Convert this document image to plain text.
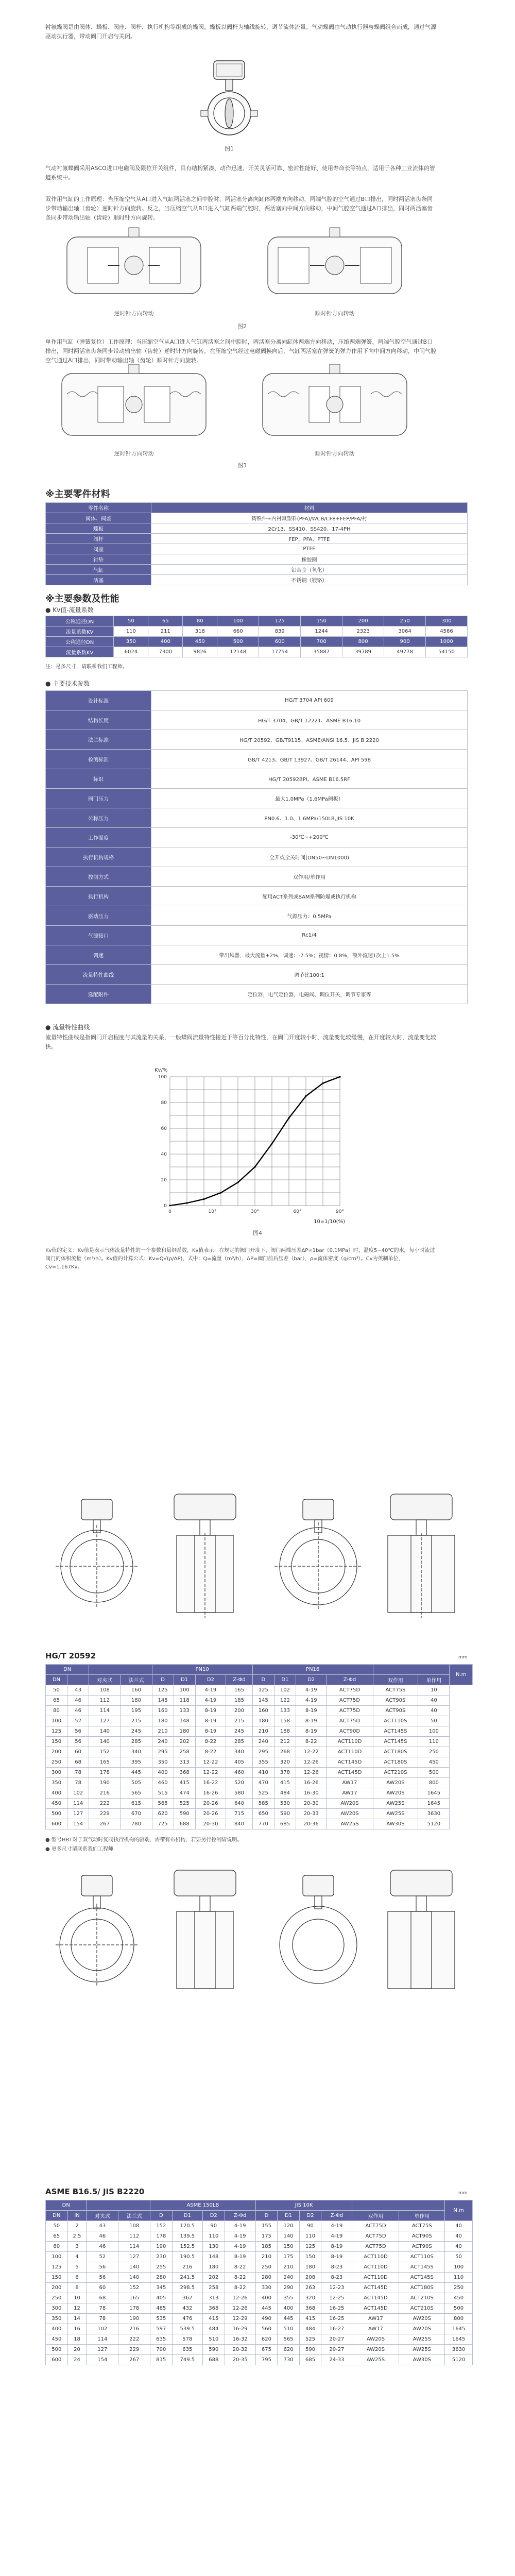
衬氟蝶阀是由阀体、蝶板、阀座、阀杆、执行机构等组成的蝶阀。蝶板以阀杆为轴线旋转，调节流体流量。气动蝶阀由气动执行器与蝶阀组合而成，通过气源驱动执行器，带动阀门开启与关闭。
图1
气动衬氟蝶阀采用ASCO进口电磁阀及限位开关组件，具有结构紧凑、动作迅速、开关灵活可靠、密封性能好、使用寿命长等特点，适用于各种工业流体的管道系统中。
双作用气缸的工作原理：当压缩空气从A口进入气缸两活塞之间中腔时，两活塞分离向缸体两端方向移动，两端气腔的空气通过B口排出，同时两活塞齿条同步带动输出轴（齿轮）逆时针方向旋转。反之，当压缩空气从B口进入气缸两端气腔时，两活塞向中间方向移动，中间气腔空气通过A口排出，同时两活塞齿条同步带动输出轴（齿轮）顺时针方向旋转。
逆时针方向转动	顺时针方向转动
图2
单作用气缸（弹簧复位）工作原理：当压缩空气从A口进入气缸两活塞之间中腔时，两活塞分离向缸体两端方向移动，压缩两端弹簧，两端气腔空气通过B口排出，同时两活塞齿条同步带动输出轴（齿轮）逆时针方向旋转。在压缩空气经过电磁阀换向后，气缸两活塞在弹簧的弹力作用下向中间方向移动，中间气腔空气通过A口排出，同时带动输出轴（齿轮）顺时针方向旋转。
逆时针方向转动	顺时针方向转动
图3
※主要零件材料
零件名称	材料
阀体、阀盖	铸铁件+内衬氟塑料(PFA)/WCB/CF8+FEP/PFA/衬
蝶板	2Cr13、SS410、SS420、17-4PH
阀杆	FEP、PFA、PTFE
阀座	PTFE
衬垫	橡胶圈
气缸	铝合金（氧化）
活塞	不锈钢（镀铬）
※主要参数及性能
● Kv值-流量系数
公称通径DN	50	65	80	100	125	150	200	250	300
流量系数KV	110	211	318	660	839	1244	2323	3064	4566
公称通径DN	350	400	450	500	600	700	800	900	1000
流量系数KV	6024	7300	9826	12148	17754	35887	39789	49778	54150
注：是多尺寸，请联系我们工程师。
● 主要技术参数
设计标准	HG/T 3704 API 609
结构长度	HG/T 3704、GB/T 12221、ASME B16.10
法兰标准	HG/T 20592、GB/T9115、ASME/ANSI 16.5、JIS B 2220
检测标准	GB/T 4213、GB/T 13927、GB/T 26144、API 598
标识	HG/T 20592BPI、ASME B16.5RF
阀门压力	最大1.0MPa（1.6MPa阀板）
公称压力	PN0.6、1.0、1.6MPa/150LB,JIS 10K
工作温度	-30℃~+200℃
执行机构规格	全开或全关时间(DN50~DN1000)
控制方式	双作用/单作用
执行机构	配用ACT系列或BAM系列防爆或执行机构
驱动压力	气源压力：0.5MPa
气源接口	Rc1/4
调速	带出风器，最大流量+2%，调速：-7.5%；视情：0.8%，额外流速1次上1.5%
流量特性曲线	调节比100:1
选配附件	定位器，电气定位器，电磁阀、调位开关，调节专家等
● 流量特性曲线
流量特性曲线是指阀门开启程度与其流量的关系，一般蝶阀流量特性接近于等百分比特性，在阀门开度较小时，流量变化较缓慢，在开度较大时，流量变化较快。
0
20
40
60
80
100
0	10°	30°	60°	90°
Kv/%
10=1/10(%)
图4
Kv值的定义：Kv值是表示气体流量特性的一个参数和量纲系数，Kv值表示：在规定的阀门开度下，阀门两端压差ΔP=1bar（0.1MPa）时，温度5~40℃的水，每小时流过阀门的体积流量（m³/h）。Kv值的计算公式：Kv=Q√(ρ/ΔP)，式中：Q=流量（m³/h），ΔP=阀门前后压差（bar），ρ=流体密度（g/cm³）。Cv为英制单位，Cv=1.167Kv。
HG/T 20592	mm
DN				PN10				PN16						N.m
DN		对夹式	法兰式	D	D1	D2	Z-Φd	D	D1	D2	Z-Φd	双作用	单作用	
50	43	108	160	125	100	4-19	165	125	102	4-19	ACT75D	ACT75S	10	
65	46	112	180	145	118	4-19	185	145	122	4-19	ACT75D	ACT90S	40	
80	46	114	195	160	133	8-19	200	160	133	8-19	ACT75D	ACT90S	40	
100	52	127	215	180	148	8-19	215	180	158	8-19	ACT75D	ACT110S	50	
125	56	140	245	210	180	8-19	245	210	188	8-19	ACT90D	ACT145S	100	
150	56	140	285	240	202	8-22	285	240	212	8-22	ACT110D	ACT145S	110	
200	60	152	340	295	258	8-22	340	295	268	12-22	ACT110D	ACT180S	250	
250	68	165	395	350	313	12-22	405	355	320	12-26	ACT145D	ACT180S	450	
300	78	178	445	400	368	12-22	460	410	378	12-26	ACT145D	ACT210S	500	
350	78	190	505	460	415	16-22	520	470	415	16-26	AW17	AW20S	800	
400	102	216	565	515	474	16-26	580	525	484	16-30	AW17	AW20S	1645	
450	114	222	615	565	525	20-26	640	585	530	20-30	AW20S	AW25S	1645	
500	127	229	670	620	590	20-26	715	650	590	20-33	AW20S	AW25S	3630	
600	154	267	780	725	688	20-30	840	770	685	20-36	AW25S	AW30S	5120	
● 型号HBT对于双气动时复阀执行机构的驱动，需带有布机构，若要另行控制请说明。
● 更多尺寸请联系我们工程师
ASME B16.5/ JIS B2220	mm
DN				ASME 150LB				JIS 10K						N.m
DN	IN	对夹式	法兰式	D	D1	D2	Z-Φd	D	D1	D2	Z-Φd	双作用	单作用	
50	2	43	108	152	120.5	90	4-19	155	120	90	4-19	ACT75D	ACT75S	40
65	2.5	46	112	178	139.5	110	4-19	175	140	110	4-19	ACT75D	ACT90S	40
80	3	46	114	190	152.5	130	4-19	185	150	125	8-19	ACT75D	ACT90S	40
100	4	52	127	230	190.5	148	8-19	210	175	150	8-19	ACT110D	ACT110S	50
125	5	56	140	255	216	180	8-22	250	210	180	8-23	ACT110D	ACT145S	100
150	6	56	140	280	241.5	202	8-22	280	240	208	8-23	ACT110D	ACT145S	110
200	8	60	152	345	298.5	258	8-22	330	290	263	12-23	ACT145D	ACT180S	250
250	10	68	165	405	362	313	12-26	400	355	320	12-25	ACT145D	ACT210S	450
300	12	78	178	485	432	368	12-26	445	400	368	16-25	ACT145D	ACT210S	500
350	14	78	190	535	476	415	12-29	490	445	415	16-25	AW17	AW20S	800
400	16	102	216	597	539.5	484	16-29	560	510	484	16-27	AW17	AW20S	1645
450	18	114	222	635	578	510	16-32	620	565	525	20-27	AW20S	AW25S	1645
500	20	127	229	700	635	590	20-32	675	620	590	20-27	AW20S	AW25S	3630
600	24	154	267	815	749.5	688	20-35	795	730	685	24-33	AW25S	AW30S	5120
